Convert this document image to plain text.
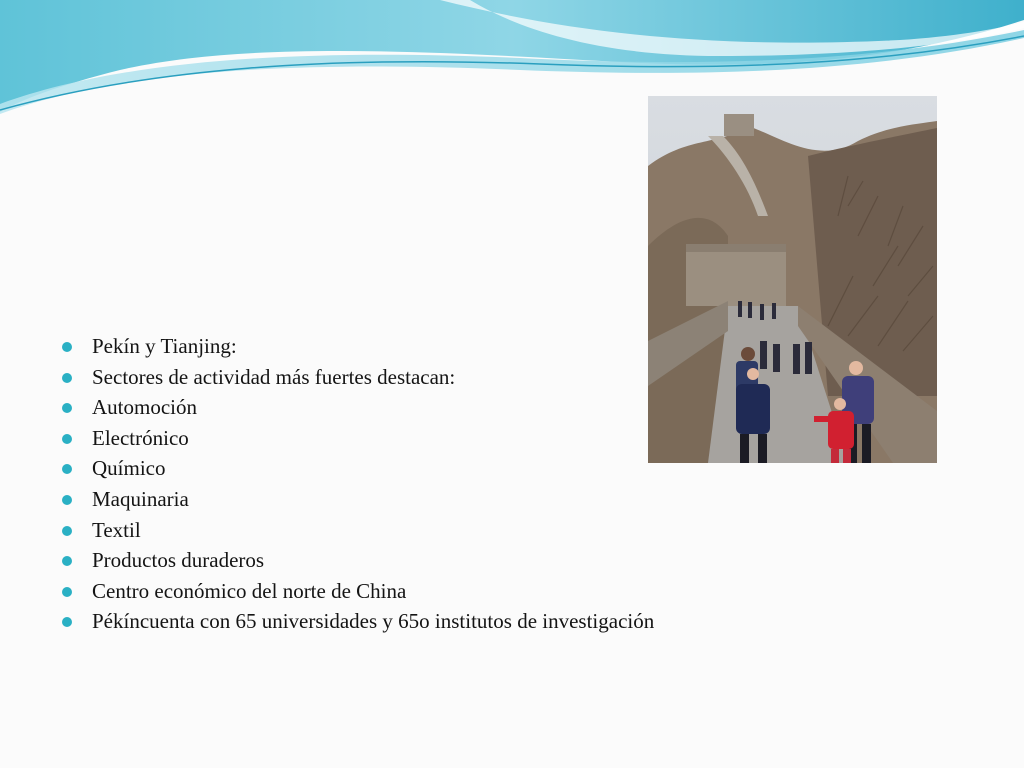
Pekín y Tianjing:
Sectores de actividad más fuertes destacan:
Automoción
Electrónico
Químico
Maquinaria
Textil
Productos duraderos
Centro económico del norte de China
Pékíncuenta con 65 universidades y 65o institutos de investigación
